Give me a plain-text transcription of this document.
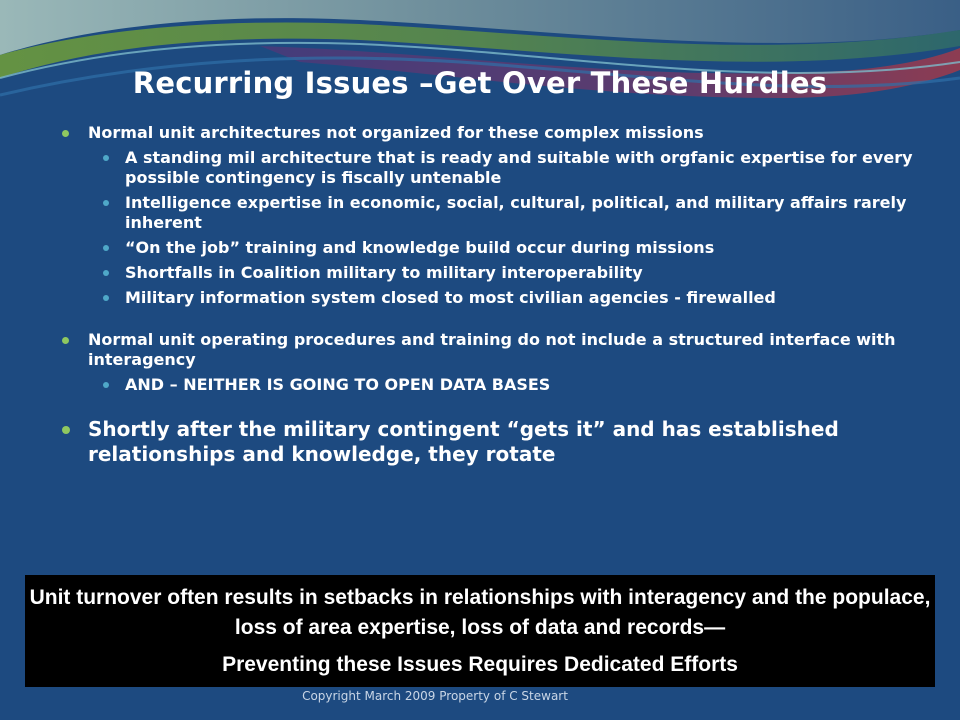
Recurring Issues –Get Over These Hurdles
Normal unit architectures not organized for these complex missions
A standing mil architecture that is ready and suitable with orgfanic expertise for every possible contingency is fiscally untenable
Intelligence expertise in economic, social, cultural, political, and military affairs rarely inherent
“On the job” training and knowledge build occur during missions
Shortfalls in Coalition military to military interoperability
Military information system closed to most civilian agencies - firewalled
Normal unit operating procedures and training do not include a structured interface with interagency
AND – NEITHER IS GOING TO OPEN DATA BASES
Shortly after the military contingent “gets it” and has established relationships and knowledge, they rotate
Unit turnover often results in setbacks in relationships with interagency and the populace, loss of area expertise, loss of data and records—
Preventing these Issues Requires Dedicated Efforts
Copyright March 2009 Property of C Stewart
